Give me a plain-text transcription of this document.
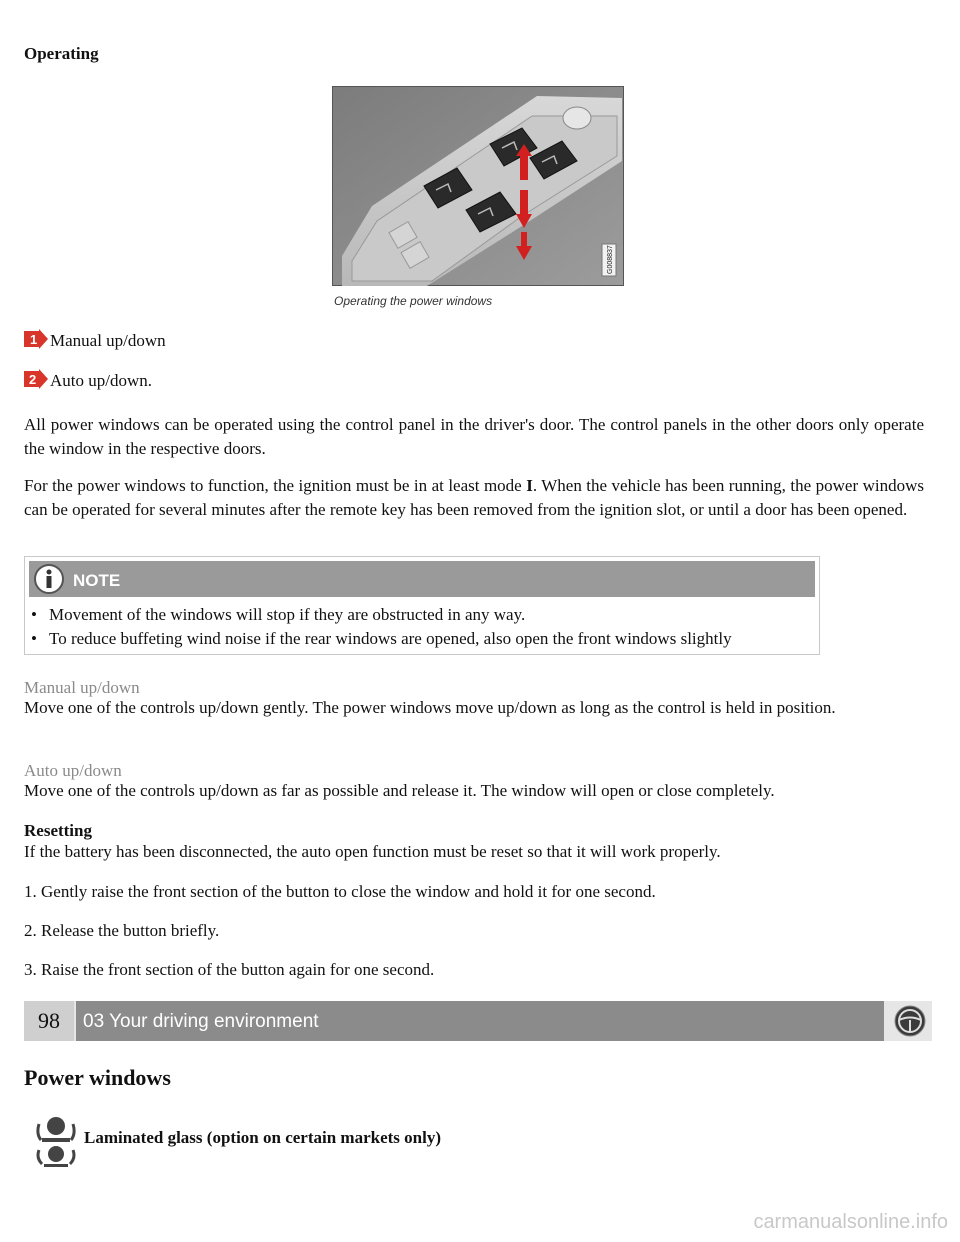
Operating
G008837
Operating the power windows
1 Manual up/down
2 Auto up/down.

All power windows can be operated using the control panel in the driver's door. The control panels in the other doors only operate the window in the respective doors.

For the power windows to function, the ignition must be in at least mode I. When the vehicle has been running, the power windows can be operated for several minutes after the remote key has been removed from the ignition slot, or until a door has been opened.

NOTE
• Movement of the windows will stop if they are obstructed in any way.
• To reduce buffeting wind noise if the rear windows are opened, also open the front windows slightly
Manual up/down

Move one of the controls up/down gently. The power windows move up/down as long as the control is held in position.

Auto up/down

Move one of the controls up/down as far as possible and release it. The window will open or close completely.

Resetting

If the battery has been disconnected, the auto open function must be reset so that it will work properly.

1. Gently raise the front section of the button to close the window and hold it for one second.

2. Release the button briefly.

3. Raise the front section of the button again for one second.

98	03 Your driving environment
Power windows
Laminated glass (option on certain markets only)
carmanualsonline.info
